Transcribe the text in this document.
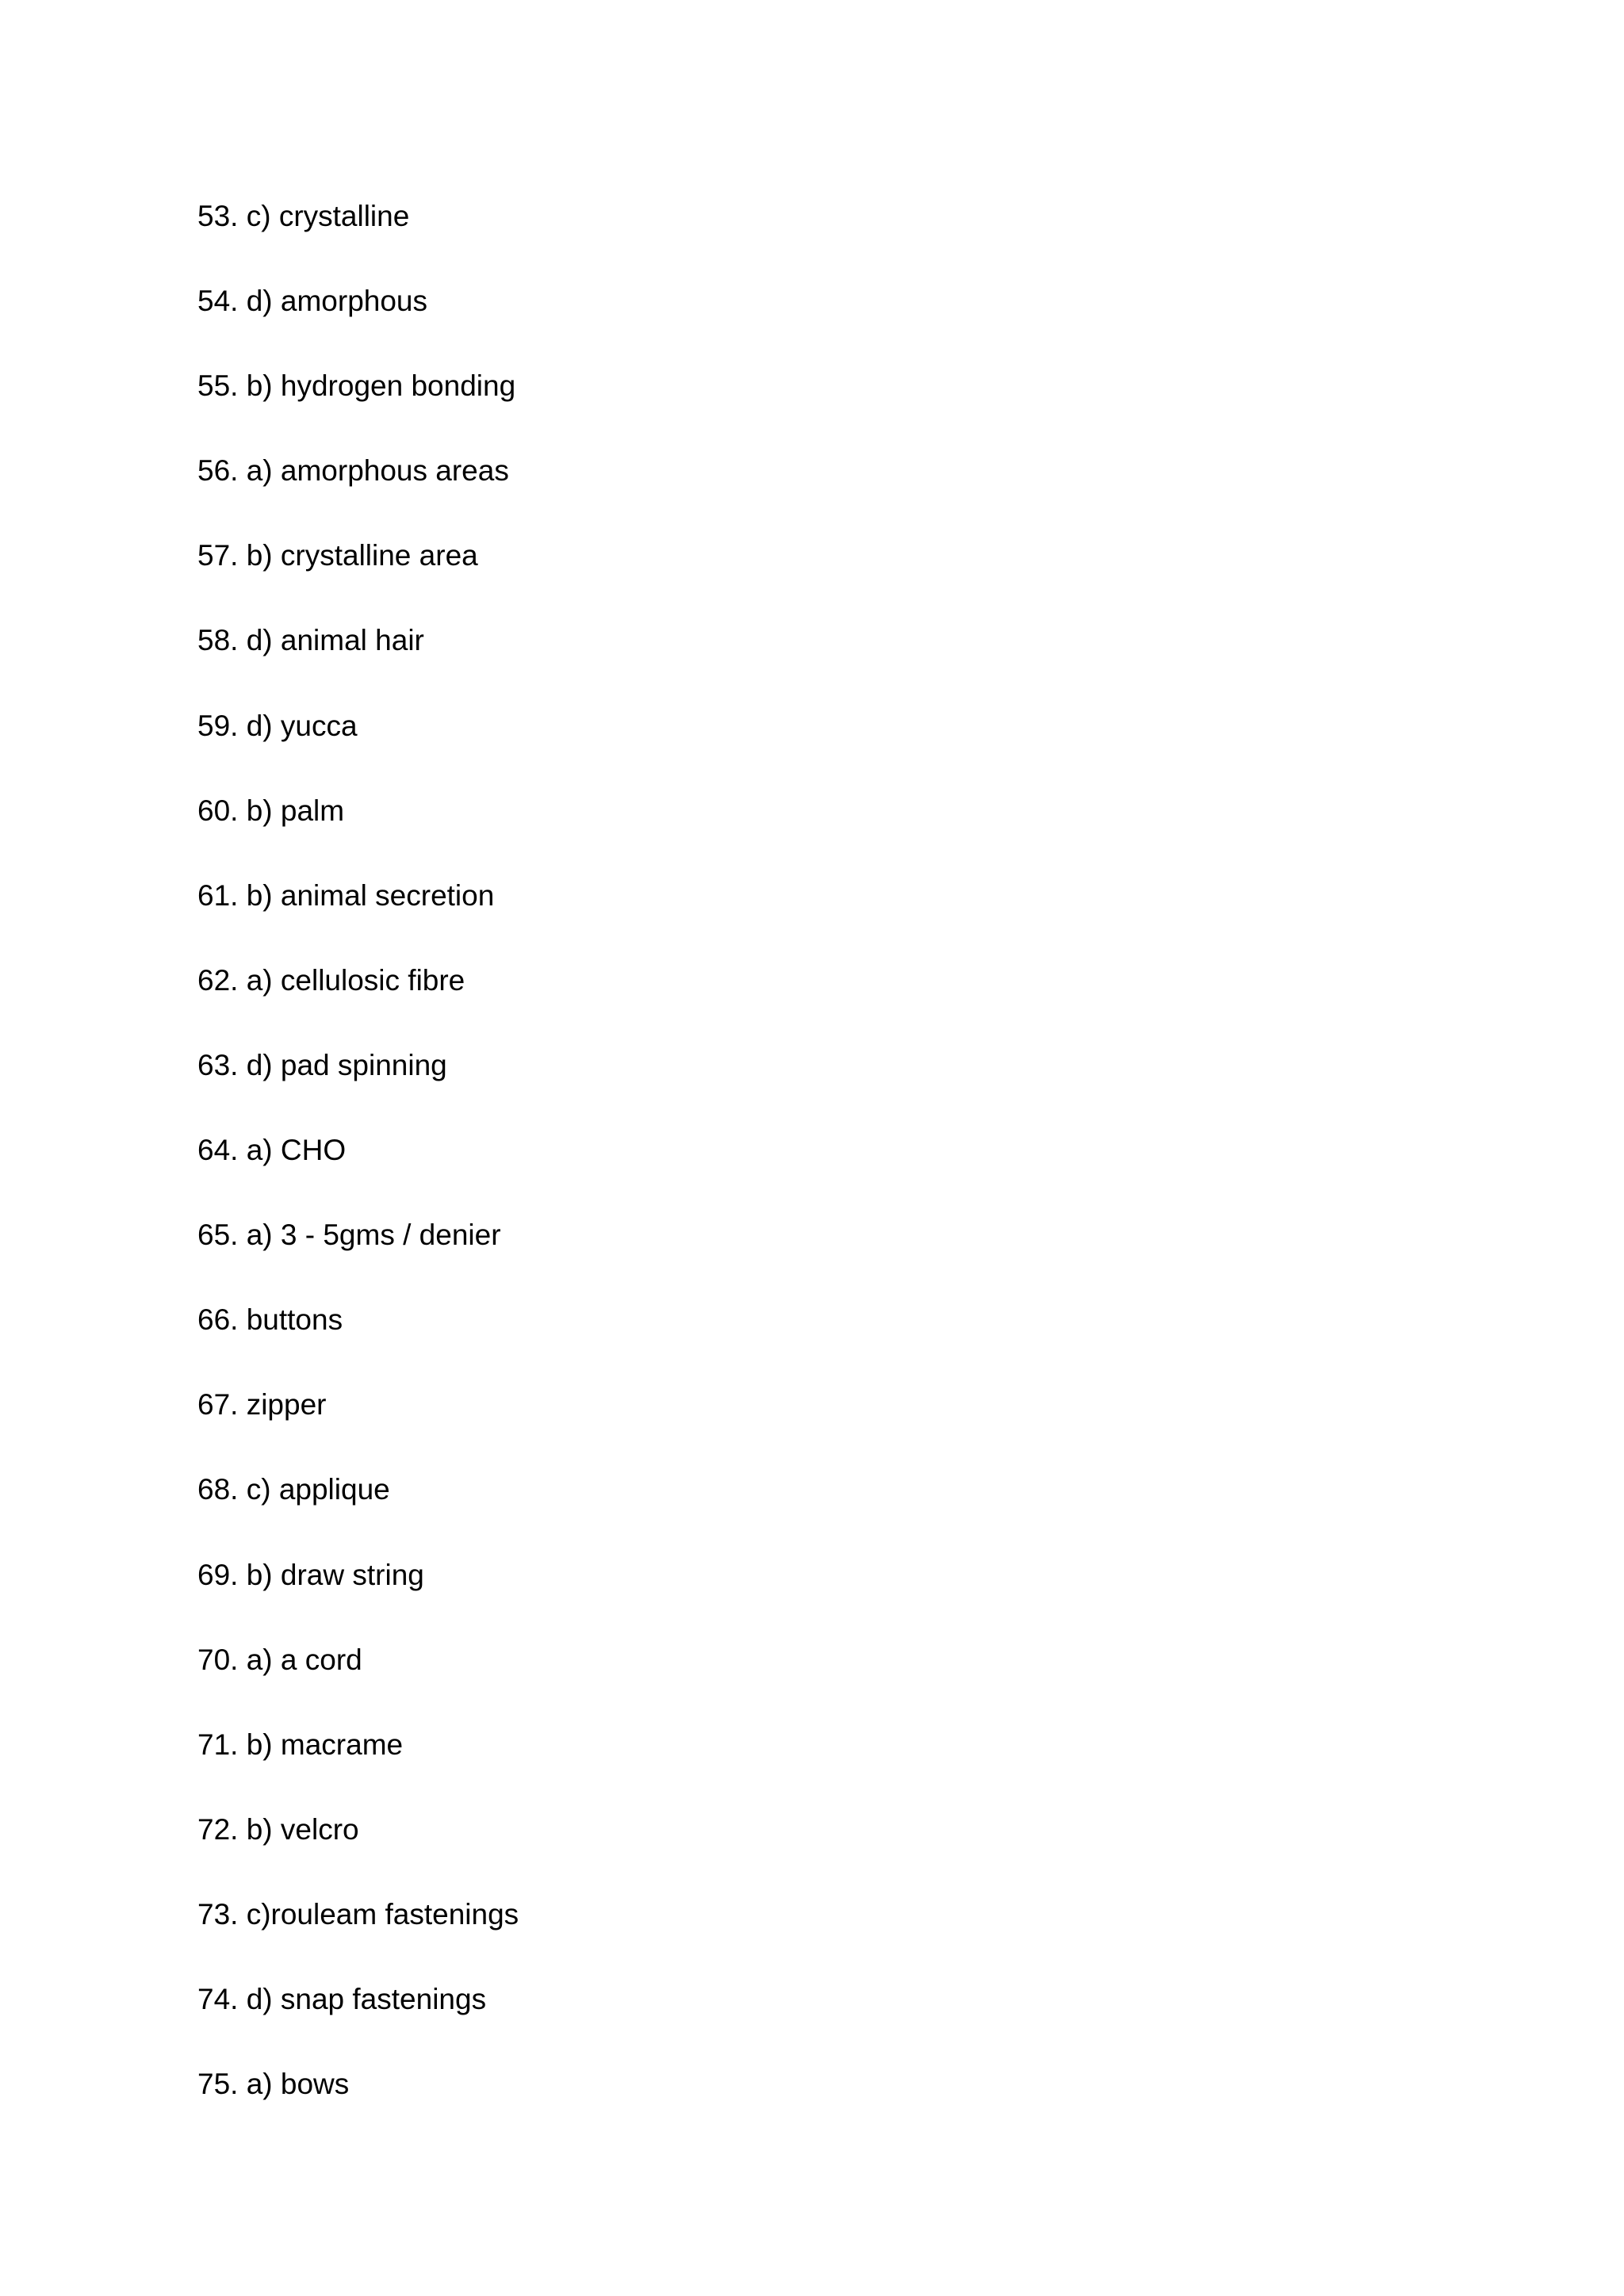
53. c) crystalline
54. d) amorphous
55. b) hydrogen bonding
56. a) amorphous areas
57. b) crystalline area
58. d) animal hair
59. d) yucca
60. b) palm
61. b) animal secretion
62. a) cellulosic fibre
63. d) pad spinning
64. a) CHO
65. a) 3 - 5gms / denier
66. buttons
67. zipper
68. c) applique
69. b) draw string
70. a) a cord
71. b) macrame
72. b) velcro
73. c)rouleam fastenings
74. d) snap fastenings
75. a) bows
